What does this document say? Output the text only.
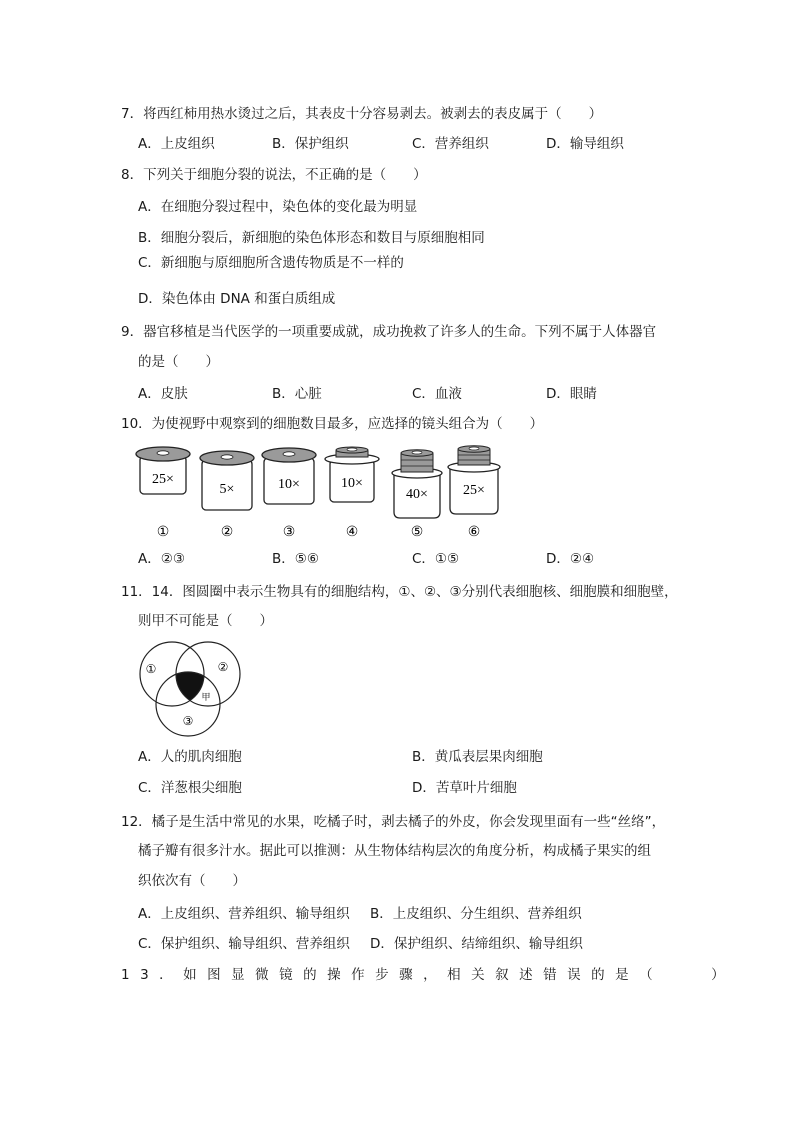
7．将西红柿用热水烫过之后，其表皮十分容易剥去。被剥去的表皮属于（　　）
A．上皮组织	B．保护组织	C．营养组织	D．输导组织
8．下列关于细胞分裂的说法，不正确的是（　　）
A．在细胞分裂过程中，染色体的变化最为明显
B．细胞分裂后，新细胞的染色体形态和数目与原细胞相同
C．新细胞与原细胞所含遗传物质是不一样的
D．染色体由 DNA 和蛋白质组成
9．器官移植是当代医学的一项重要成就，成功挽救了许多人的生命。下列不属于人体器官
的是（　　）
A．皮肤	B．心脏	C．血液	D．眼睛
10．为使视野中观察到的细胞数目最多，应选择的镜头组合为（　　）
25×
5×	10×	10×
40×	25×
①	②	③	④	⑤	⑥
A．②③	B．⑤⑥	C．①⑤	D．②④
11．14．图圆圈中表示生物具有的细胞结构，①、②、③分别代表细胞核、细胞膜和细胞壁，
则甲不可能是（　　）
①	②
③
甲
A．人的肌肉细胞	B．黄瓜表层果肉细胞
C．洋葱根尖细胞	D．苦草叶片细胞
12．橘子是生活中常见的水果，吃橘子时，剥去橘子的外皮，你会发现里面有一些“丝络”，
橘子瓣有很多汁水。据此可以推测：从生物体结构层次的角度分析，构成橘子果实的组
织依次有（　　）
A．上皮组织、营养组织、输导组织 B．上皮组织、分生组织、营养组织
C．保护组织、输导组织、营养组织 D．保护组织、结缔组织、输导组织
13．如图显微镜的操作步骤，相关叙述错误的是（　　）
